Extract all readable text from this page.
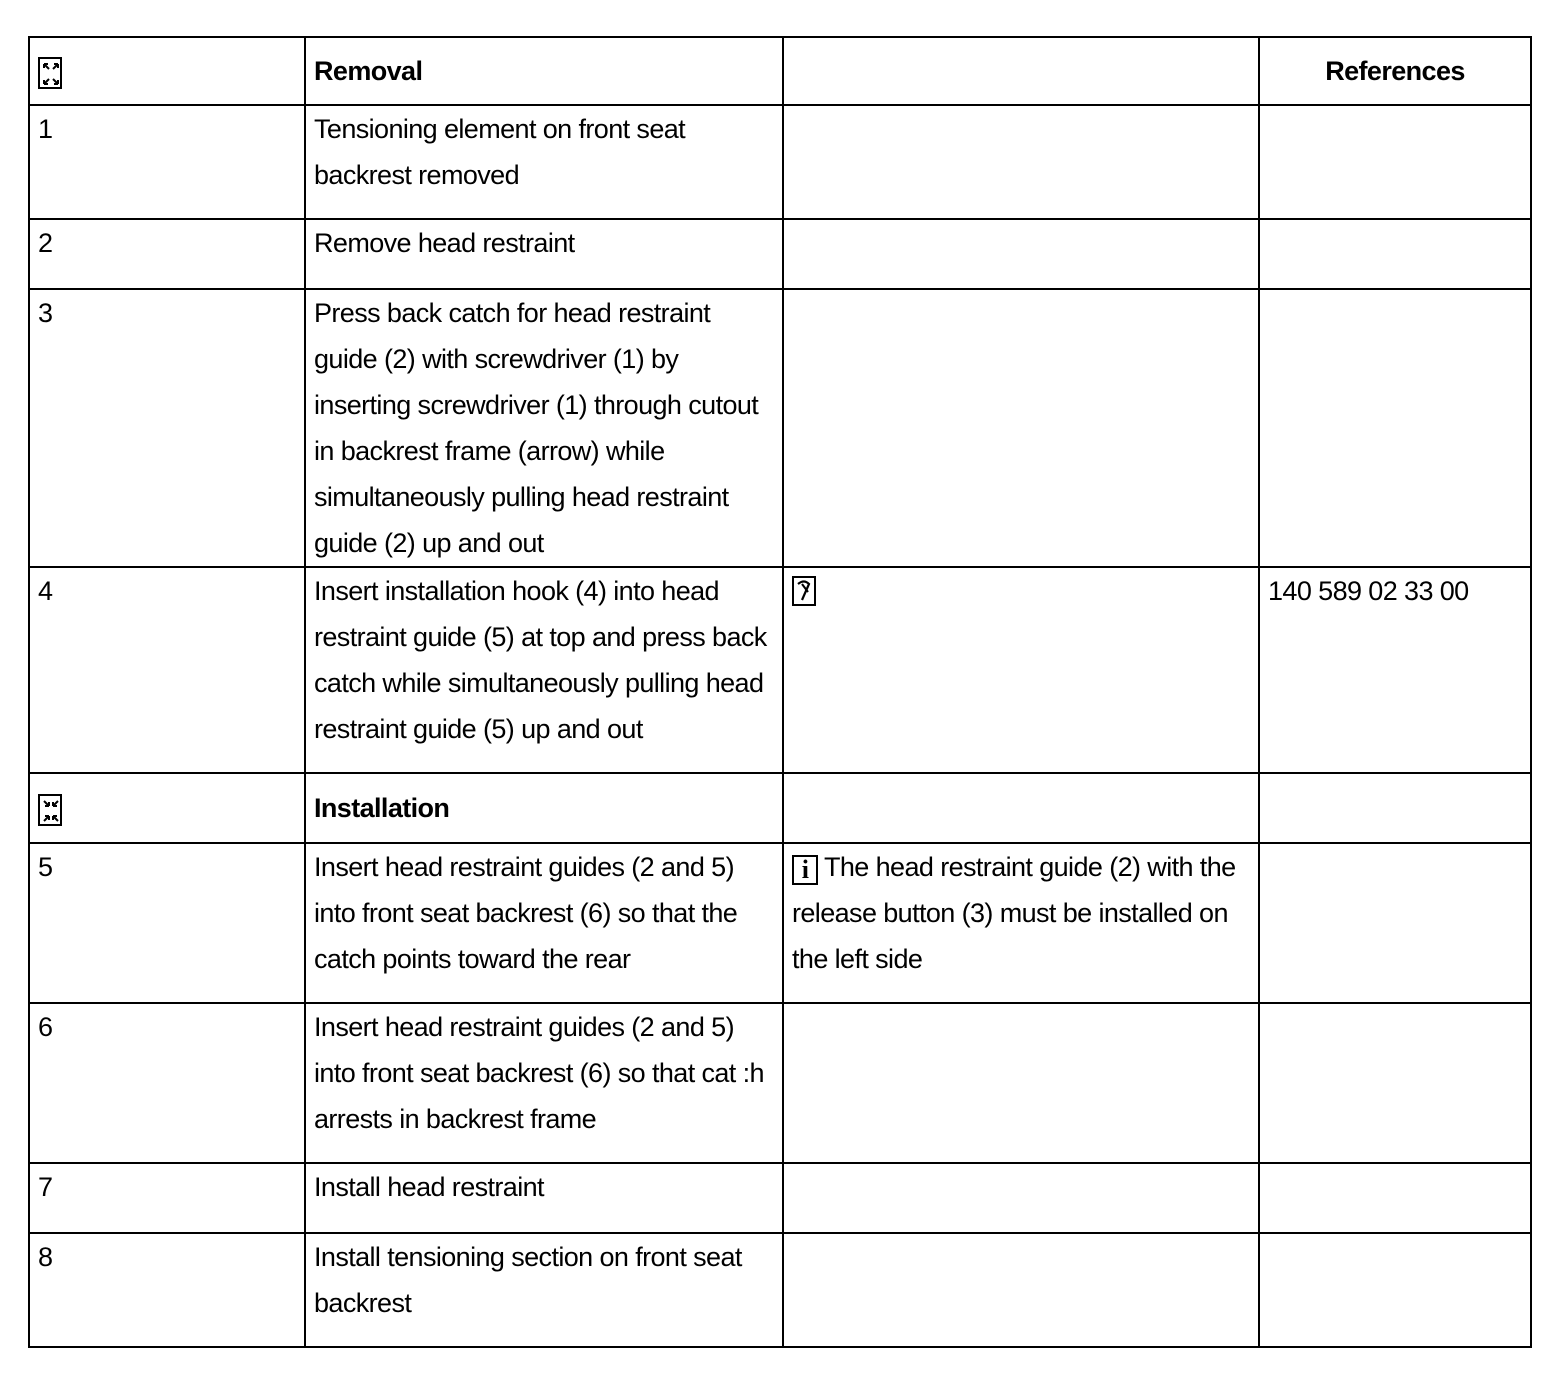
	Removal		References
1	Tensioning element on front seat backrest removed		
2	Remove head restraint		
3	Press back catch for head restraint guide (2) with screwdriver (1) by inserting screwdriver (1) through cutout in backrest frame (arrow) while simultaneously pulling head restraint guide (2) up and out		
4	Insert installation hook (4) into head restraint guide (5) at top and press back catch while simultaneously pulling head restraint guide (5) up and out		140 589 02 33 00

	Installation		
5	Insert head restraint guides (2 and 5) into front seat backrest (6) so that the catch points toward the rear	i The head restraint guide (2) with the release button (3) must be installed on the left side	
6	Insert head restraint guides (2 and 5) into front seat backrest (6) so that cat :h arrests in backrest frame		
7	Install head restraint		
8	Install tensioning section on front seat backrest		
